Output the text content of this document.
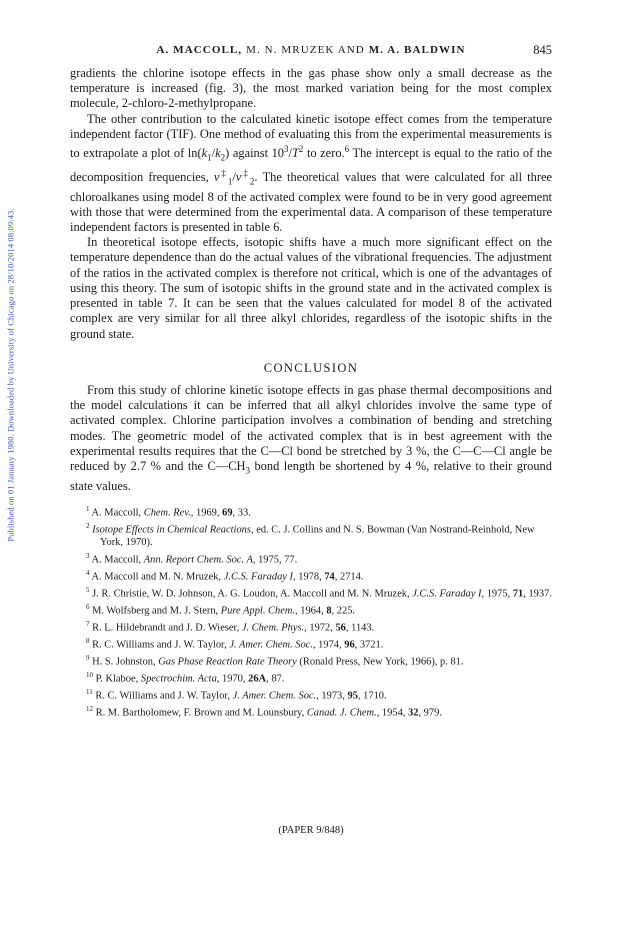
Published on 01 January 1980. Downloaded by University of Chicago on 28/10/2014 08:09:43.
A. MACCOLL, M. N. MRUZEK AND M. A. BALDWIN	845

gradients the chlorine isotope effects in the gas phase show only a small decrease as the temperature is increased (fig. 3), the most marked variation being for the most complex molecule, 2-chloro-2-methylpropane.

The other contribution to the calculated kinetic isotope effect comes from the temperature independent factor (TIF). One method of evaluating this from the experimental measurements is to extrapolate a plot of $\ln(k_1/k_2)$ against $10^3/T^2$ to zero.$^6$ The intercept is equal to the ratio of the decomposition frequencies, $\nu^\ddagger_1/\nu^\ddagger_2$. The theoretical values that were calculated for all three chloroalkanes using model 8 of the activated complex were found to be in very good agreement with those that were determined from the experimental data. A comparison of these temperature independent factors is presented in table 6.

In theoretical isotope effects, isotopic shifts have a much more significant effect on the temperature dependence than do the actual values of the vibrational frequencies. The adjustment of the ratios in the activated complex is therefore not critical, which is one of the advantages of using this theory. The sum of isotopic shifts in the ground state and in the activated complex is presented in table 7. It can be seen that the values calculated for model 8 of the activated complex are very similar for all three alkyl chlorides, regardless of the isotopic shifts in the ground state.

CONCLUSION

From this study of chlorine kinetic isotope effects in gas phase thermal decompositions and the model calculations it can be inferred that all alkyl chlorides involve the same type of activated complex. Chlorine participation involves a combination of bending and stretching modes. The geometric model of the activated complex that is in best agreement with the experimental results requires that the C—Cl bond be stretched by 3 %, the C—C—Cl angle be reduced by 2.7 % and the $C—CH_3$ bond length be shortened by 4 %, relative to their ground state values.

$^1$ A. Maccoll, Chem. Rev., 1969, 69, 33.

$^2$ Isotope Effects in Chemical Reactions, ed. C. J. Collins and N. S. Bowman (Van Nostrand-Reinhold, New York, 1970).

$^3$ A. Maccoll, Ann. Report Chem. Soc. A, 1975, 77.

$^4$ A. Maccoll and M. N. Mruzek, J.C.S. Faraday I, 1978, 74, 2714.

$^5$ J. R. Christie, W. D. Johnson, A. G. Loudon, A. Maccoll and M. N. Mruzek, J.C.S. Faraday I, 1975, 71, 1937.

$^6$ M. Wolfsberg and M. J. Stern, Pure Appl. Chem., 1964, 8, 225.

$^7$ R. L. Hildebrandt and J. D. Wieser, J. Chem. Phys., 1972, 56, 1143.

$^8$ R. C. Williams and J. W. Taylor, J. Amer. Chem. Soc., 1974, 96, 3721.

$^9$ H. S. Johnston, Gas Phase Reaction Rate Theory (Ronald Press, New York, 1966), p. 81.

$^{10}$ P. Klaboe, Spectrochim. Acta, 1970, 26A, 87.

$^{11}$ R. C. Williams and J. W. Taylor, J. Amer. Chem. Soc., 1973, 95, 1710.

$^{12}$ R. M. Bartholomew, F. Brown and M. Lounsbury, Canad. J. Chem., 1954, 32, 979.

(PAPER 9/848)
